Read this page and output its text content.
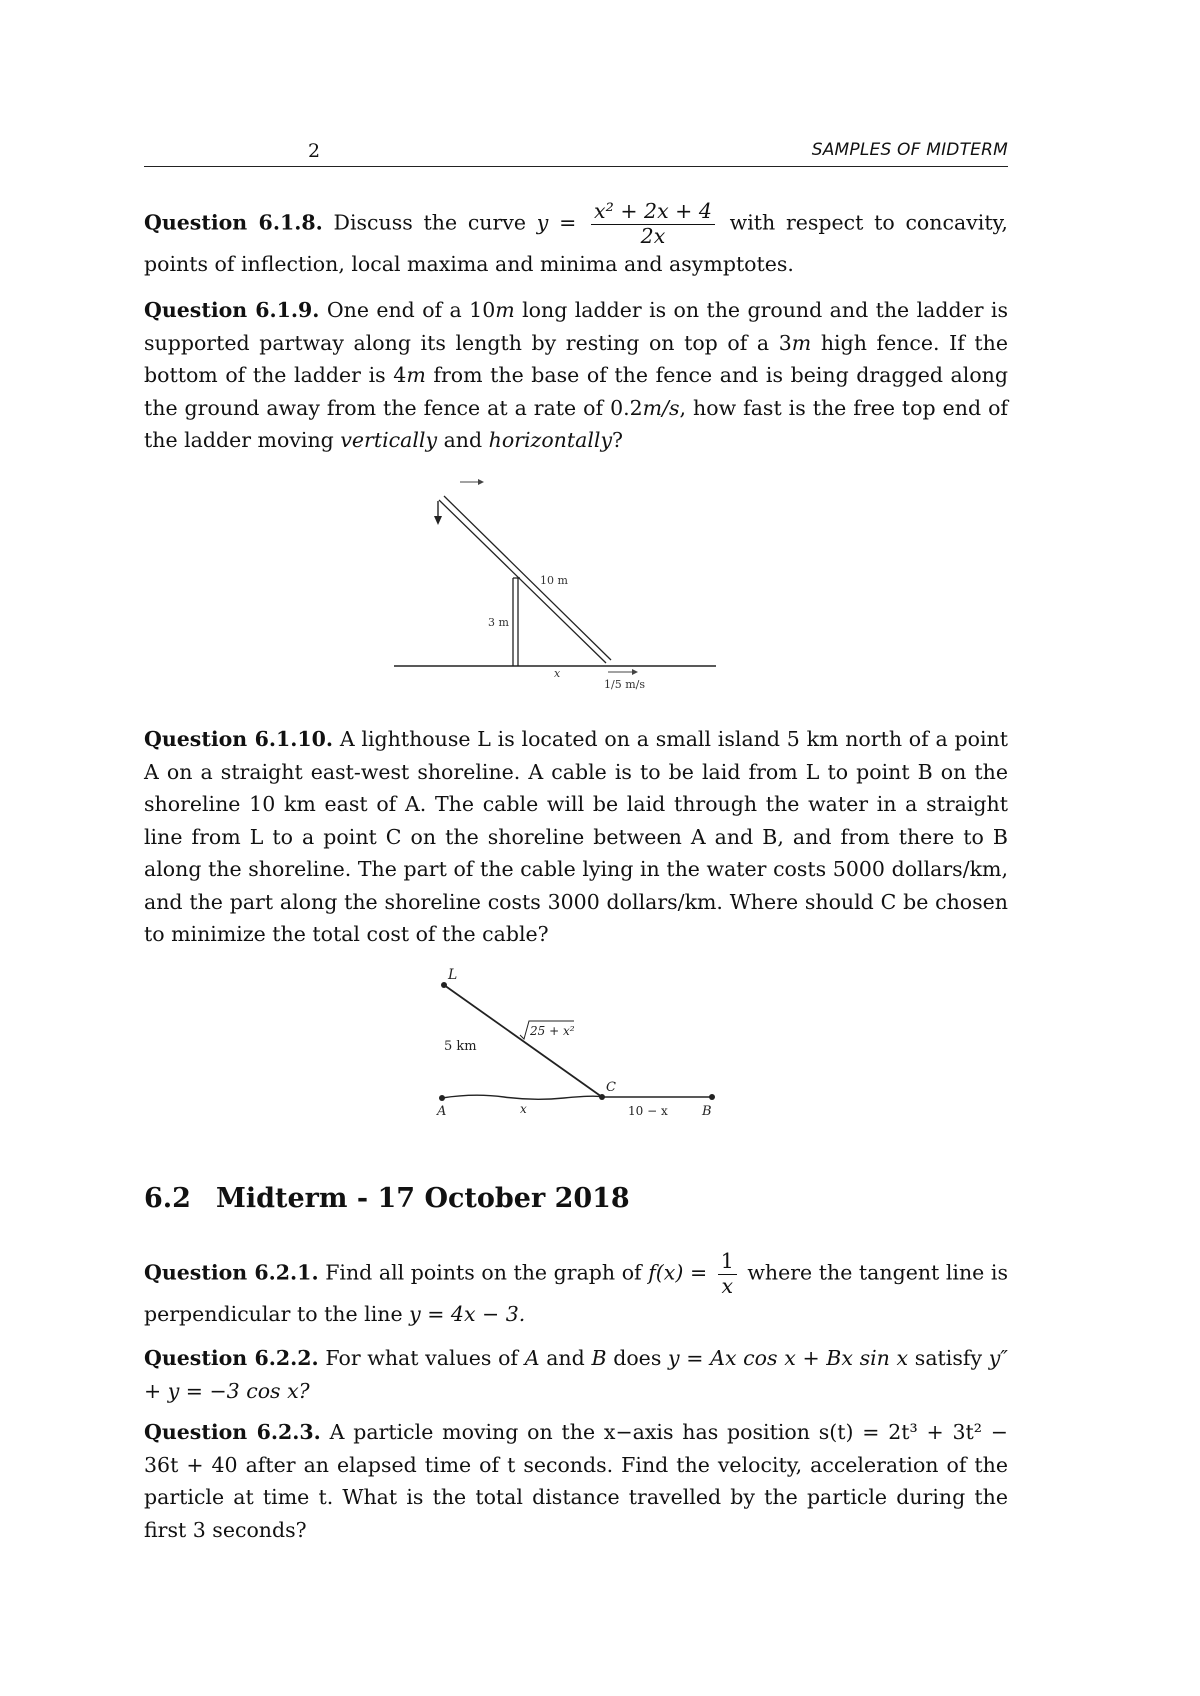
2	SAMPLES OF MIDTERM
Question 6.1.8. Discuss the curve $y = \frac{\text{x² + 2x + 4}}{2x}$ with respect to concavity, points of inflection, local maxima and minima and asymptotes.
Question 6.1.9. One end of a 10m long ladder is on the ground and the ladder is supported partway along its length by resting on top of a 3m high fence. If the bottom of the ladder is 4m from the base of the fence and is being dragged along the ground away from the fence at a rate of 0.2m/s, how fast is the free top end of the ladder moving vertically and horizontally?
10 m
3 m
x
1/5 m/s
Question 6.1.10. A lighthouse L is located on a small island 5 km north of a point A on a straight east-west shoreline. A cable is to be laid from L to point B on the shoreline 10 km east of A. The cable will be laid through the water in a straight line from L to a point C on the shoreline between A and B, and from there to B along the shoreline. The part of the cable lying in the water costs 5000 dollars/km, and the part along the shoreline costs 3000 dollars/km. Where should C be chosen to minimize the total cost of the cable?
L
5 km
25 + x²
C
A	x	10 − x	B
6.2 Midterm - 17 October 2018
Question 6.2.1. Find all points on the graph of $f(x) = \frac{1}{x}$ where the tangent line is perpendicular to the line y = 4x − 3.
Question 6.2.2. For what values of A and B does y = Ax cos x + Bx sin x satisfy y″ + y = −3 cos x?
Question 6.2.3. A particle moving on the x−axis has position s(t) = 2t³ + 3t² − 36t + 40 after an elapsed time of t seconds. Find the velocity, acceleration of the particle at time t. What is the total distance travelled by the particle during the first 3 seconds?
